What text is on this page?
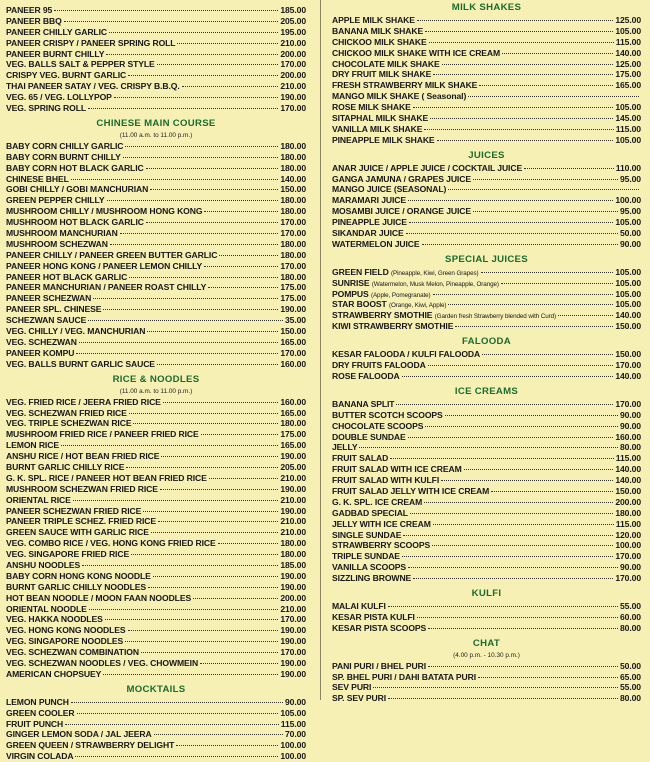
PANEER 95	185.00
PANEER BBQ	205.00
PANEER CHILLY GARLIC	195.00
PANEER CRISPY / PANEER SPRING ROLL	210.00
PANEER BURNT CHILLY	200.00
VEG. BALLS SALT & PEPPER STYLE	170.00
CRISPY VEG. BURNT GARLIC	200.00
THAI PANEER SATAY / VEG. CRISPY B.B.Q.	210.00
VEG. 65 / VEG. LOLLYPOP	190.00
VEG. SPRING ROLL	170.00
CHINESE MAIN COURSE
(11.00 a.m. to 11.00 p.m.)
BABY CORN CHILLY GARLIC	180.00
BABY CORN BURNT CHILLY	180.00
BABY CORN HOT BLACK GARLIC	180.00
CHINESE BHEL	140.00
GOBI CHILLY / GOBI MANCHURIAN	150.00
GREEN PEPPER CHILLY	180.00
MUSHROOM CHILLY / MUSHROOM HONG KONG	180.00
MUSHROOM HOT BLACK GARLIC	170.00
MUSHROOM MANCHURIAN	170.00
MUSHROOM SCHEZWAN	180.00
PANEER CHILLY / PANEER GREEN BUTTER GARLIC	180.00
PANEER HONG KONG / PANEER LEMON CHILLY	170.00
PANEER HOT BLACK GARLIC	180.00
PANEER MANCHURIAN / PANEER ROAST CHILLY	175.00
PANEER SCHEZWAN	175.00
PANEER SPL. CHINESE	190.00
SCHEZWAN SAUCE	35.00
VEG. CHILLY / VEG. MANCHURIAN	150.00
VEG. SCHEZWAN	165.00
PANEER KOMPU	170.00
VEG. BALLS BURNT GARLIC SAUCE	160.00
RICE & NOODLES
(11.00 a.m. to 11.00 p.m.)
VEG. FRIED RICE / JEERA FRIED RICE	160.00
VEG. SCHEZWAN FRIED RICE	165.00
VEG. TRIPLE SCHEZWAN RICE	180.00
MUSHROOM FRIED RICE / PANEER FRIED RICE	175.00
LEMON RICE	165.00
ANSHU RICE / HOT BEAN FRIED RICE	190.00
BURNT GARLIC CHILLY RICE	205.00
G. K. SPL. RICE / PANEER HOT BEAN FRIED RICE	210.00
MUSHROOM SCHEZWAN FRIED RICE	190.00
ORIENTAL RICE	210.00
PANEER SCHEZWAN FRIED RICE	190.00
PANEER TRIPLE SCHEZ. FRIED RICE	210.00
GREEN SAUCE WITH GARLIC RICE	210.00
VEG. COMBO RICE / VEG. HONG KONG FRIED RICE	180.00
VEG. SINGAPORE FRIED RICE	180.00
ANSHU NOODLES	185.00
BABY CORN HONG KONG NOODLE	190.00
BURNT GARLIC CHILLY NOODLES	190.00
HOT BEAN NOODLE / MOON FAAN NOODLES	200.00
ORIENTAL NOODLE	210.00
VEG. HAKKA NOODLES	170.00
VEG. HONG KONG NOODLES	190.00
VEG. SINGAPORE NOODLES	190.00
VEG. SCHEZWAN COMBINATION	170.00
VEG. SCHEZWAN NOODLES / VEG. CHOWMEIN	190.00
AMERICAN CHOPSUEY	190.00
MOCKTAILS
LEMON PUNCH	90.00
GREEN COOLER	105.00
FRUIT PUNCH	115.00
GINGER LEMON SODA / JAL JEERA	70.00
GREEN QUEEN / STRAWBERRY DELIGHT	100.00
VIRGIN COLADA	100.00
MILK SHAKES
APPLE MILK SHAKE	125.00
BANANA MILK SHAKE	105.00
CHICKOO MILK SHAKE	115.00
CHICKOO MILK SHAKE WITH ICE CREAM	140.00
CHOCOLATE MILK SHAKE	125.00
DRY FRUIT MILK SHAKE	175.00
FRESH STRAWBERRY MILK SHAKE	165.00
MANGO MILK SHAKE ( Seasonal)
ROSE MILK SHAKE	105.00
SITAPHAL MILK SHAKE	145.00
VANILLA MILK SHAKE	115.00
PINEAPPLE MILK SHAKE	105.00
JUICES
ANAR JUICE / APPLE JUICE / COCKTAIL JUICE	110.00
GANGA JAMUNA / GRAPES JUICE	95.00
MANGO JUICE (SEASONAL)
MARAMARI JUICE	100.00
MOSAMBI JUICE / ORANGE JUICE	95.00
PINEAPPLE JUICE	105.00
SIKANDAR JUICE	50.00
WATERMELON JUICE	90.00
SPECIAL JUICES
GREEN FIELD (Pineapple, Kiwi, Green Grapes)	105.00
SUNRISE (Watermelon, Musk Melon, Pineapple, Orange)	105.00
POMPUS (Apple, Pomegranate)	105.00
STAR BOOST (Orange, Kiwi, Apple)	105.00
STRAWBERRY SMOTHIE (Garden fresh Strawberry blended with Curd)	140.00
KIWI STRAWBERRY SMOTHIE	150.00
FALOODA
KESAR FALOODA / KULFI FALOODA	150.00
DRY FRUITS FALOODA	170.00
ROSE FALOODA	140.00
ICE CREAMS
BANANA SPLIT	170.00
BUTTER SCOTCH SCOOPS	90.00
CHOCOLATE SCOOPS	90.00
DOUBLE SUNDAE	160.00
JELLY	80.00
FRUIT SALAD	115.00
FRUIT SALAD WITH ICE CREAM	140.00
FRUIT SALAD WITH KULFI	140.00
FRUIT SALAD JELLY WITH ICE CREAM	150.00
G. K. SPL. ICE CREAM	200.00
GADBAD SPECIAL	180.00
JELLY WITH ICE CREAM	115.00
SINGLE SUNDAE	120.00
STRAWBERRY SCOOPS	100.00
TRIPLE SUNDAE	170.00
VANILLA SCOOPS	90.00
SIZZLING BROWNE	170.00
KULFI
MALAI KULFI	55.00
KESAR PISTA KULFI	60.00
KESAR PISTA SCOOPS	80.00
CHAT
(4.00 p.m. - 10.30 p.m.)
PANI PURI / BHEL PURI	50.00
SP. BHEL PURI / DAHI BATATA PURI	65.00
SEV PURI	55.00
SP. SEV PURI	80.00
